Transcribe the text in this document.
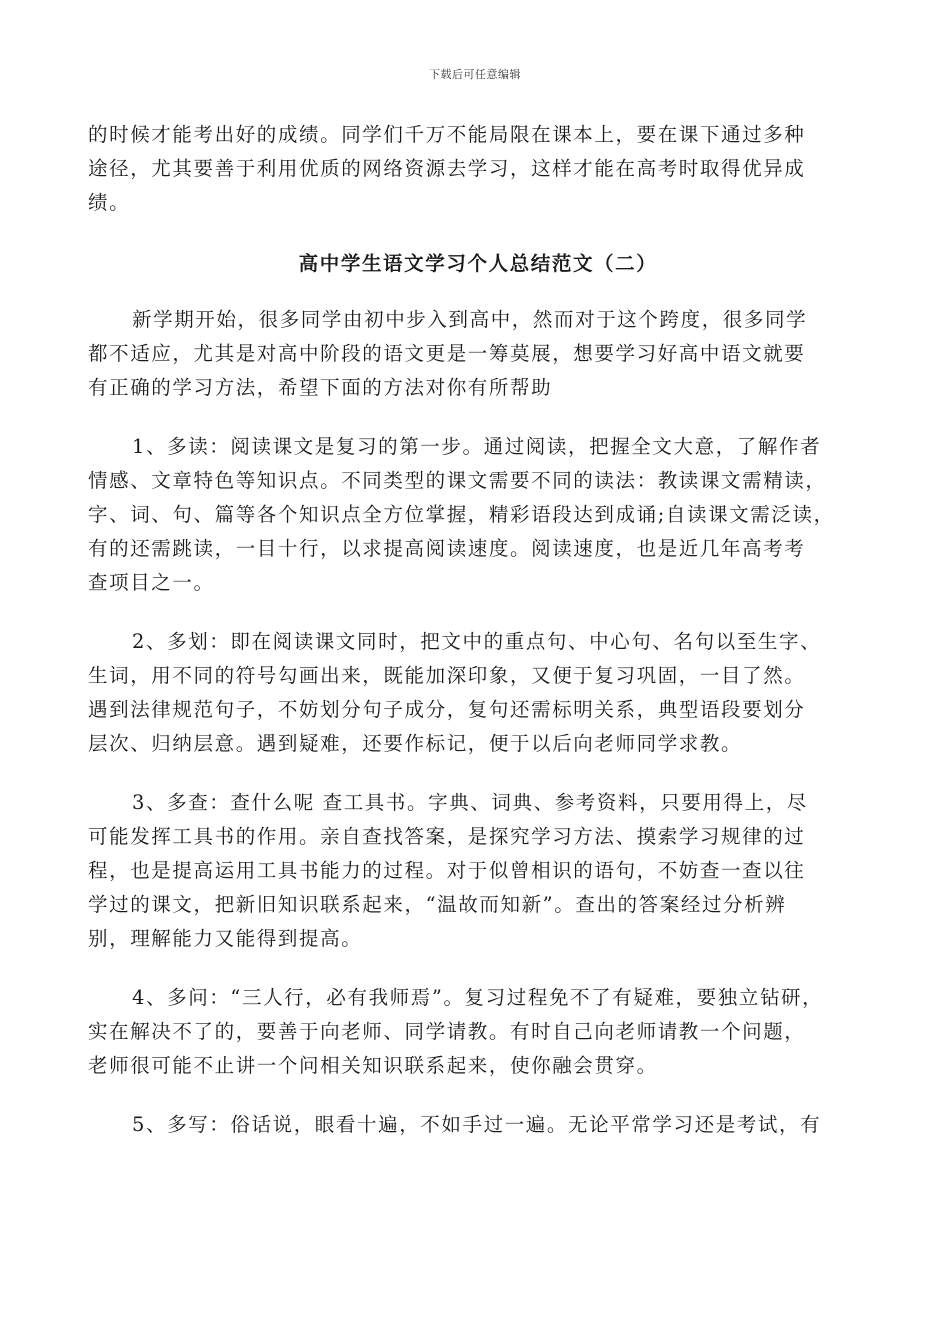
下载后可任意编辑
的时候才能考出好的成绩。同学们千万不能局限在课本上，要在课下通过多种
途径，尤其要善于利用优质的网络资源去学习，这样才能在高考时取得优异成
绩。
高中学生语文学习个人总结范文（二）
新学期开始，很多同学由初中步入到高中，然而对于这个跨度，很多同学
都不适应，尤其是对高中阶段的语文更是一筹莫展，想要学习好高中语文就要
有正确的学习方法，希望下面的方法对你有所帮助
1、多读：阅读课文是复习的第一步。通过阅读，把握全文大意，了解作者
情感、文章特色等知识点。不同类型的课文需要不同的读法：教读课文需精读，
字、词、句、篇等各个知识点全方位掌握，精彩语段达到成诵;自读课文需泛读，
有的还需跳读，一目十行，以求提高阅读速度。阅读速度，也是近几年高考考
查项目之一。
2、多划：即在阅读课文同时，把文中的重点句、中心句、名句以至生字、
生词，用不同的符号勾画出来，既能加深印象，又便于复习巩固，一目了然。
遇到法律规范句子，不妨划分句子成分，复句还需标明关系，典型语段要划分
层次、归纳层意。遇到疑难，还要作标记，便于以后向老师同学求教。
3、多查：查什么呢 查工具书。字典、词典、参考资料，只要用得上，尽
可能发挥工具书的作用。亲自查找答案，是探究学习方法、摸索学习规律的过
程，也是提高运用工具书能力的过程。对于似曾相识的语句，不妨查一查以往
学过的课文，把新旧知识联系起来，“温故而知新”。查出的答案经过分析辨
别，理解能力又能得到提高。
4、多问：“三人行，必有我师焉”。复习过程免不了有疑难，要独立钻研，
实在解决不了的，要善于向老师、同学请教。有时自己向老师请教一个问题，
老师很可能不止讲一个问相关知识联系起来，使你融会贯穿。
5、多写：俗话说，眼看十遍，不如手过一遍。无论平常学习还是考试，有
